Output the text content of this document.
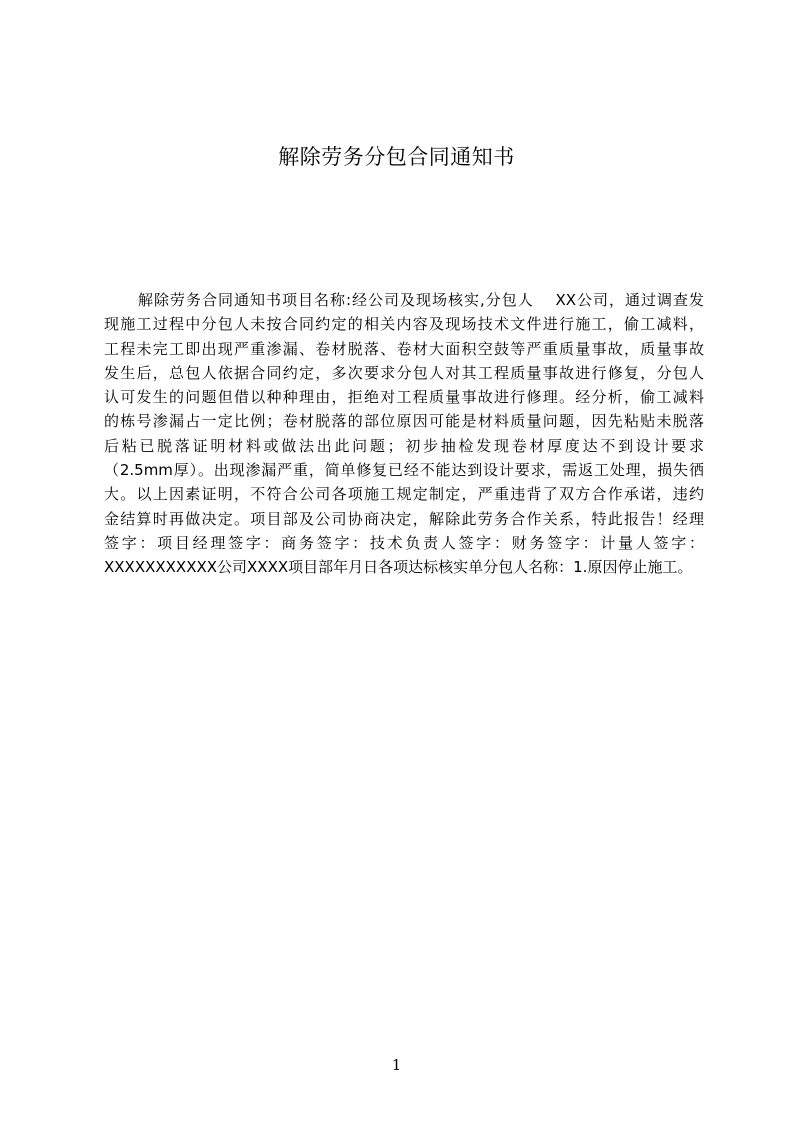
解除劳务分包合同通知书
解除劳务合同通知书项目名称:经公司及现场核实,分包人　 XX公司，通过调查发
现施工过程中分包人未按合同约定的相关内容及现场技术文件进行施工，偷工减料，
工程未完工即出现严重渗漏、卷材脱落、卷材大面积空鼓等严重质量事故，质量事故
发生后，总包人依据合同约定，多次要求分包人对其工程质量事故进行修复，分包人
认可发生的问题但借以种种理由，拒绝对工程质量事故进行修理。经分析，偷工减料
的栋号渗漏占一定比例；卷材脱落的部位原因可能是材料质量问题，因先粘贴未脱落
后粘已脱落证明材料或做法出此问题；初步抽检发现卷材厚度达不到设计要求
（2.5mm厚）。出现渗漏严重，简单修复已经不能达到设计要求，需返工处理，损失徆
大。以上因素证明，不符合公司各项施工规定制定，严重违背了双方合作承诺，违约
金结算时再做决定。项目部及公司协商决定，解除此劳务合作关系，特此报告！经理
签字：项目经理签字：商务签字：技术负责人签字：财务签字：计量人签字：
XXXXXXXXXXX公司XXXX项目部年月日各项达标核实单分包人名称：1.原因停止施工。
1
